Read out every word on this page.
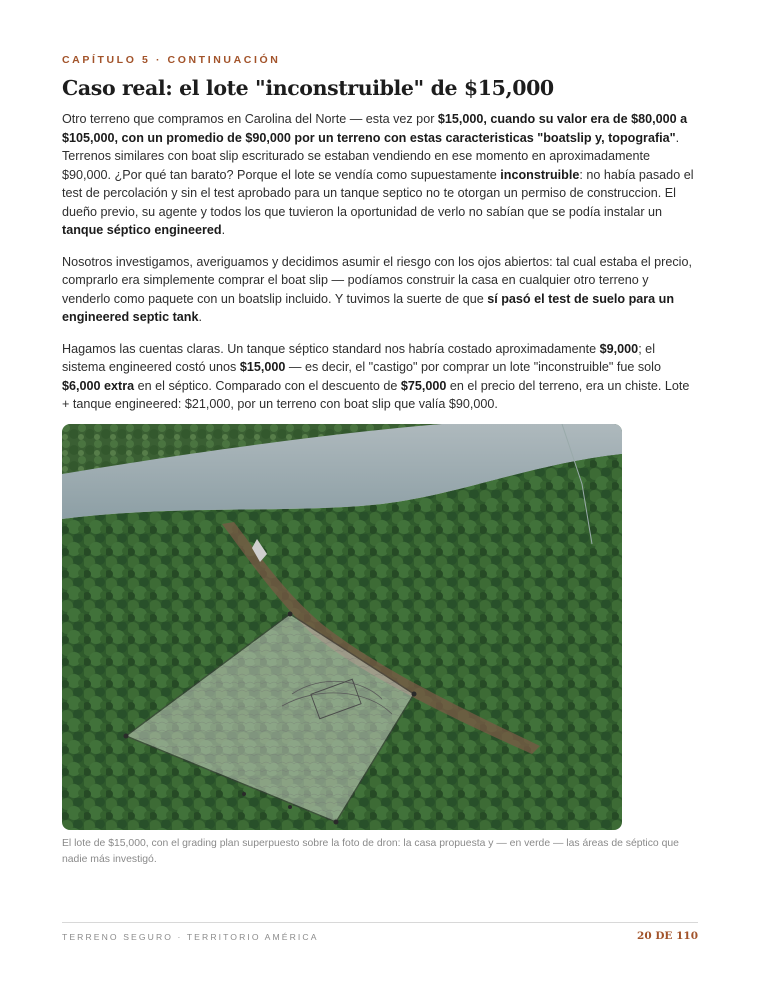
CAPÍTULO 5 · CONTINUACIÓN
Caso real: el lote "inconstruible" de $15,000

Otro terreno que compramos en Carolina del Norte — esta vez por $15,000, cuando su valor era de $80,000 a $105,000, con un promedio de $90,000 por un terreno con estas caracteristicas "boatslip y, topografia". Terrenos similares con boat slip escriturado se estaban vendiendo en ese momento en aproximadamente $90,000. ¿Por qué tan barato? Porque el lote se vendía como supuestamente inconstruible: no había pasado el test de percolación y sin el test aprobado para un tanque septico no te otorgan un permiso de construccion. El dueño previo, su agente y todos los que tuvieron la oportunidad de verlo no sabían que se podía instalar un tanque séptico engineered.

Nosotros investigamos, averiguamos y decidimos asumir el riesgo con los ojos abiertos: tal cual estaba el precio, comprarlo era simplemente comprar el boat slip — podíamos construir la casa en cualquier otro terreno y venderlo como paquete con un boatslip incluido. Y tuvimos la suerte de que sí pasó el test de suelo para un engineered septic tank.

Hagamos las cuentas claras. Un tanque séptico standard nos habría costado aproximadamente $9,000; el sistema engineered costó unos $15,000 — es decir, el "castigo" por comprar un lote "inconstruible" fue solo $6,000 extra en el séptico. Comparado con el descuento de $75,000 en el precio del terreno, era un chiste. Lote + tanque engineered: $21,000, por un terreno con boat slip que valía $90,000.

El lote de $15,000, con el grading plan superpuesto sobre la foto de dron: la casa propuesta y — en verde — las áreas de séptico que nadie más investigó.
TERRENO SEGURO · TERRITORIO AMÉRICA	20 DE 110
